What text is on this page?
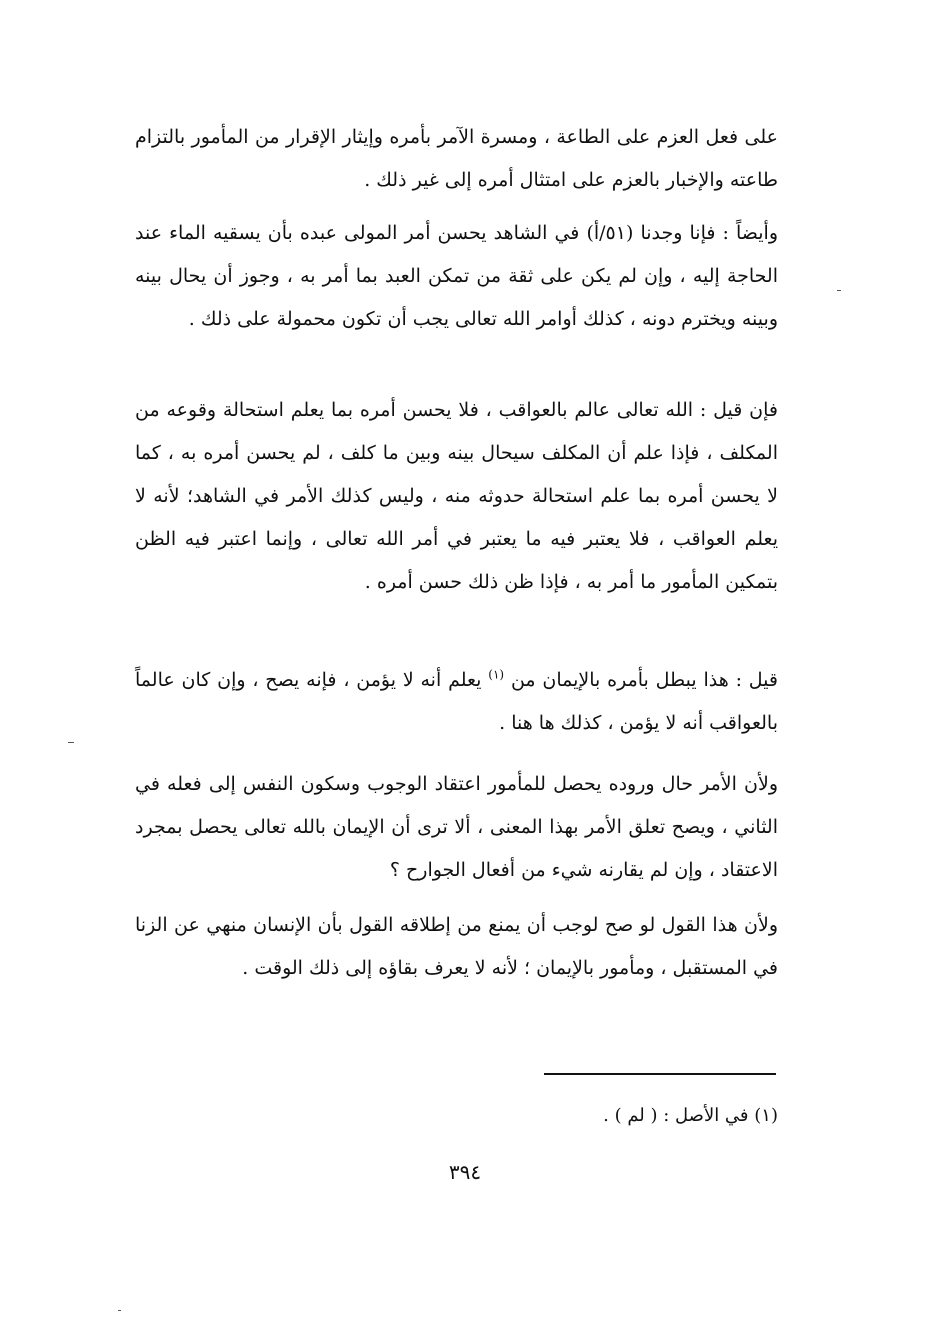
على فعل العزم على الطاعة ، ومسرة الآمر بأمره وإيثار الإقرار من المأمور بالتزام طاعته والإخبار بالعزم على امتثال أمره إلى غير ذلك .

وأيضاً : فإنا وجدنا (٥١/أ) في الشاهد يحسن أمر المولى عبده بأن يسقيه الماء عند الحاجة إليه ، وإن لم يكن على ثقة من تمكن العبد بما أمر به ، وجوز أن يحال بينه وبينه ويخترم دونه ، كذلك أوامر الله تعالى يجب أن تكون محمولة على ذلك .

فإن قيل : الله تعالى عالم بالعواقب ، فلا يحسن أمره بما يعلم استحالة وقوعه من المكلف ، فإذا علم أن المكلف سيحال بينه وبين ما كلف ، لم يحسن أمره به ، كما لا يحسن أمره بما علم استحالة حدوثه منه ، وليس كذلك الأمر في الشاهد؛ لأنه لا يعلم العواقب ، فلا يعتبر فيه ما يعتبر في أمر الله تعالى ، وإنما اعتبر فيه الظن بتمكين المأمور ما أمر به ، فإذا ظن ذلك حسن أمره .

قيل : هذا يبطل بأمره بالإيمان من $^{(١)}$ يعلم أنه لا يؤمن ، فإنه يصح ، وإن كان عالماً بالعواقب أنه لا يؤمن ، كذلك ها هنا .

ولأن الأمر حال وروده يحصل للمأمور اعتقاد الوجوب وسكون النفس إلى فعله في الثاني ، ويصح تعلق الأمر بهذا المعنى ، ألا ترى أن الإيمان بالله تعالى يحصل بمجرد الاعتقاد ، وإن لم يقارنه شيء من أفعال الجوارح ؟

ولأن هذا القول لو صح لوجب أن يمنع من إطلاقه القول بأن الإنسان منهي عن الزنا في المستقبل ، ومأمور بالإيمان ؛ لأنه لا يعرف بقاؤه إلى ذلك الوقت .

(١) في الأصل : ( لم ) .
٣٩٤
